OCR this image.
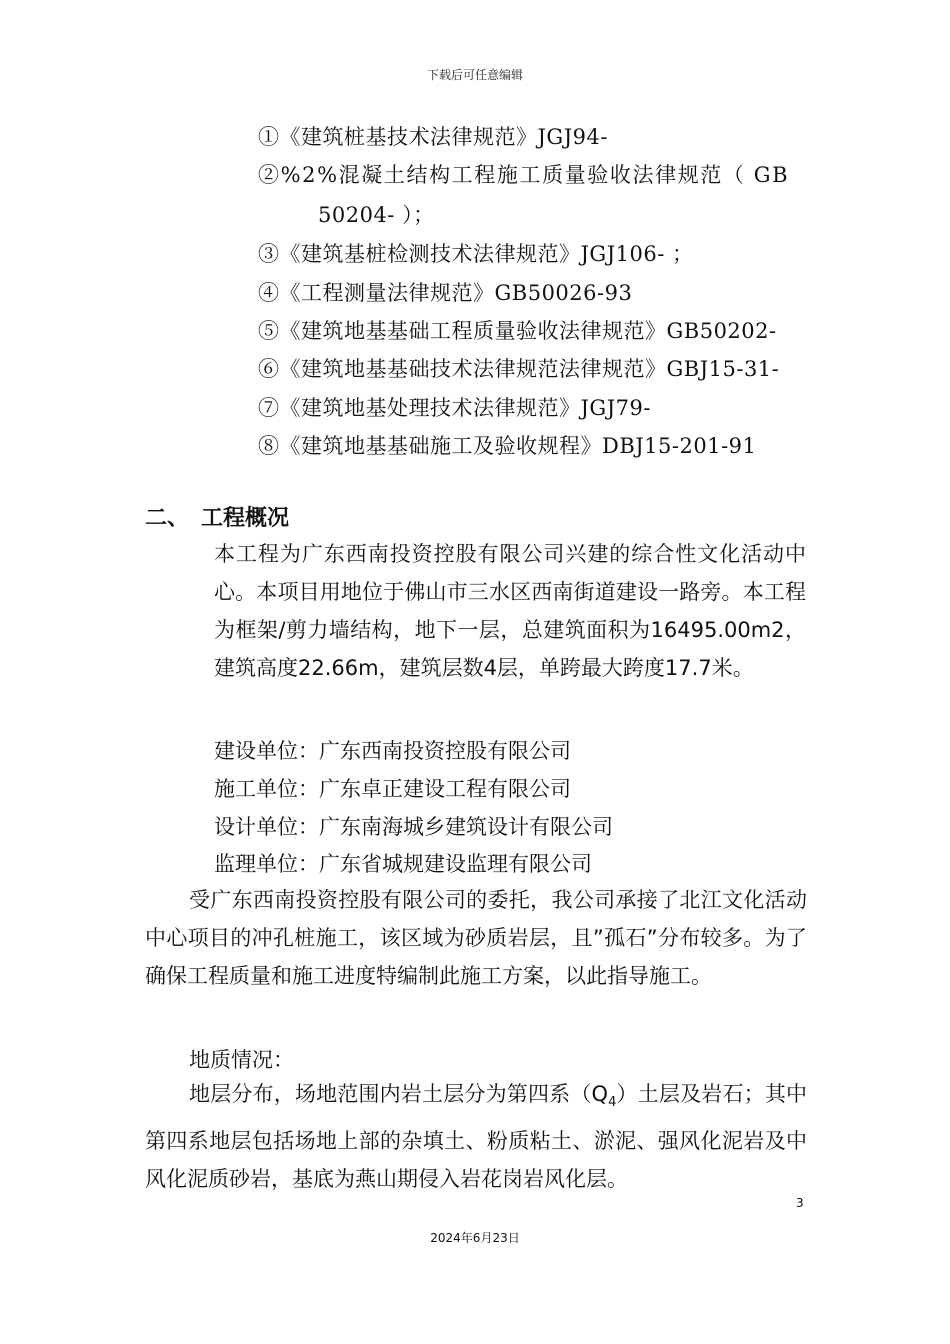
下载后可任意编辑
①《建筑桩基技术法律规范》JGJ94-
②%2%混凝土结构工程施工质量验收法律规范（ GB
50204- ）；
③《建筑基桩检测技术法律规范》JGJ106- ；
④《工程测量法律规范》GB50026-93
⑤《建筑地基基础工程质量验收法律规范》GB50202-
⑥《建筑地基基础技术法律规范法律规范》GBJ15-31-
⑦《建筑地基处理技术法律规范》JGJ79-
⑧《建筑地基基础施工及验收规程》DBJ15-201-91
二、 工程概况
本工程为广东西南投资控股有限公司兴建的综合性文化活动中心。本项目用地位于佛山市三水区西南街道建设一路旁。本工程为框架/剪力墙结构，地下一层，总建筑面积为16495.00m2，建筑高度22.66m，建筑层数4层，单跨最大跨度17.7米。
建设单位：广东西南投资控股有限公司
施工单位：广东卓正建设工程有限公司
设计单位：广东南海城乡建筑设计有限公司
监理单位：广东省城规建设监理有限公司
受广东西南投资控股有限公司的委托，我公司承接了北江文化活动中心项目的冲孔桩施工，该区域为砂质岩层，且”孤石”分布较多。为了确保工程质量和施工进度特编制此施工方案，以此指导施工。
地质情况：
地层分布，场地范围内岩土层分为第四系$(Q_4)$土层及岩石；其中第四系地层包括场地上部的杂填土、粉质粘土、淤泥、强风化泥岩及中风化泥质砂岩，基底为燕山期侵入岩花岗岩风化层。
3
2024年6月23日
